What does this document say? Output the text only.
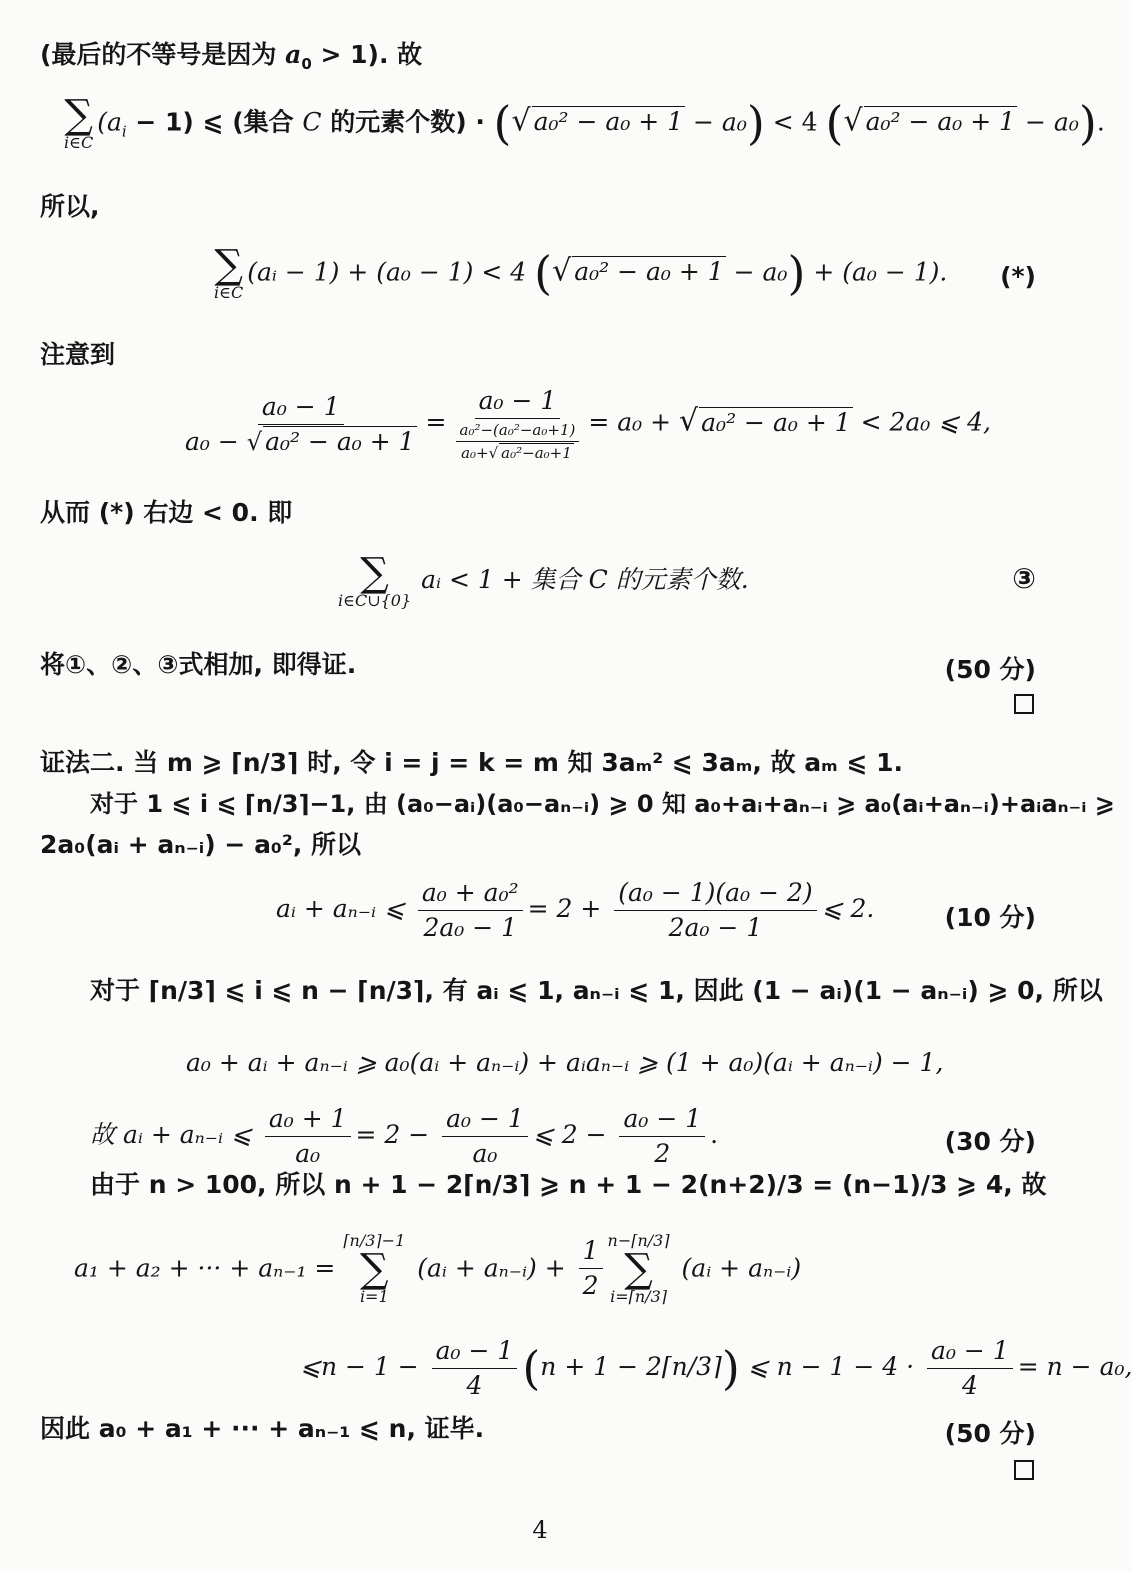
(最后的不等号是因为 $a_0 > 1$). 故
∑
i∈C
$(a_i - 1)$ ⩽ (集合 C 的元素个数) · (√ a₀² − a₀ + 1 − a₀) < 4 (√ a₀² − a₀ + 1 − a₀).
所以,
∑
i∈C
(aᵢ − 1) + (a₀ − 1) < 4 (√ a₀² − a₀ + 1 − a₀) + (a₀ − 1). (*)
注意到
$\frac{\text{a₀ − 1}}{\text{a₀ − √ a₀² − a₀ + 1}} = \frac{\text{a₀ − 1}}{\frac{\text{a₀²−(a₀²−a₀+1)}}{\text{a₀+√ a₀²−a₀+1}}} = a_0$ + √ a₀² − a₀ + 1 < 2a₀ ⩽ 4,
从而 (*) 右边 < 0. 即
∑
i∈C∪{0}
aᵢ < 1 + 集合 C 的元素个数.	③
将①、②、③式相加, 即得证.	(50 分)
证法二. 当 m ⩾ ⌈n/3⌉ 时, 令 i = j = k = m 知 3aₘ² ⩽ 3aₘ, 故 aₘ ⩽ 1.
对于 1 ⩽ i ⩽ ⌈n/3⌉−1, 由 (a₀−aᵢ)(a₀−aₙ₋ᵢ) ⩾ 0 知 a₀+aᵢ+aₙ₋ᵢ ⩾ a₀(aᵢ+aₙ₋ᵢ)+aᵢaₙ₋ᵢ ⩾
2a₀(aᵢ + aₙ₋ᵢ) − a₀², 所以
aᵢ + aₙ₋ᵢ ⩽ $\frac{\text{a₀ + a₀²}}{\text{2a₀ − 1}} = 2 + \frac{\text{(a₀ − 1)(a₀ − 2)}}{\text{2a₀ − 1}}$ ⩽ 2.	(10 分)
对于 ⌈n/3⌉ ⩽ i ⩽ n − ⌈n/3⌉, 有 aᵢ ⩽ 1, aₙ₋ᵢ ⩽ 1, 因此 (1 − aᵢ)(1 − aₙ₋ᵢ) ⩾ 0, 所以
a₀ + aᵢ + aₙ₋ᵢ ⩾ a₀(aᵢ + aₙ₋ᵢ) + aᵢaₙ₋ᵢ ⩾ (1 + a₀)(aᵢ + aₙ₋ᵢ) − 1,
故 aᵢ + aₙ₋ᵢ ⩽ $\frac{\text{a₀ + 1}}{\text{a₀}} = 2 - \frac{\text{a₀ − 1}}{\text{a₀}}$ ⩽ $2 - \frac{\text{a₀ − 1}}{2}$ .	(30 分)
由于 n > 100, 所以 n + 1 − 2⌈n/3⌉ ⩾ n + 1 − 2(n+2)/3 = (n−1)/3 ⩾ 4, 故
a₁ + a₂ + ··· + aₙ₋₁ =
⌈n/3⌉−1
∑
i=1
(aᵢ + aₙ₋ᵢ) + $\frac{1}{2}$ n−⌈n/3⌉
∑
i=⌈n/3⌉
(aᵢ + aₙ₋ᵢ)
⩽n − $1 - \frac{\text{a₀ − 1}}{4} (n + 1$ − 2⌈n/3⌉) ⩽ $n - 1 - 4 \cdot \frac{\text{a₀ − 1}}{4} = n - a_0$,
因此 a₀ + a₁ + ··· + aₙ₋₁ ⩽ n, 证毕.	(50 分)
4
